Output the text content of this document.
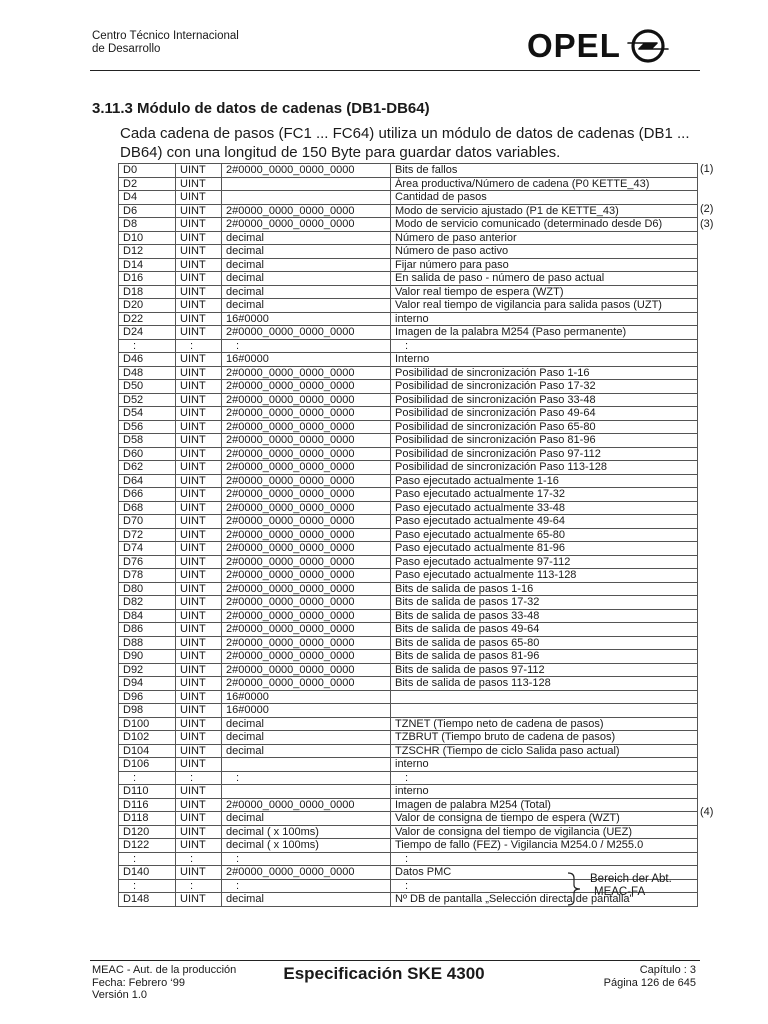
Centro Técnico Internacional
de Desarrollo	OPEL
3.11.3 Módulo de datos de cadenas (DB1-DB64)
Cada cadena de pasos (FC1 ... FC64) utiliza un módulo de datos de cadenas (DB1 ... DB64) con una longitud de 150 Byte para guardar datos variables.
D0	UINT	2#0000_0000_0000_0000	Bits de fallos
D2	UINT		Área productiva/Número de cadena (P0 KETTE_43)
D4	UINT		Cantidad de pasos
D6	UINT	2#0000_0000_0000_0000	Modo de servicio ajustado (P1 de KETTE_43)
D8	UINT	2#0000_0000_0000_0000	Modo de servicio comunicado (determinado desde D6)
D10	UINT	decimal	Número de paso anterior
D12	UINT	decimal	Número de paso activo
D14	UINT	decimal	Fijar número para paso
D16	UINT	decimal	En salida de paso - número de paso actual
D18	UINT	decimal	Valor real tiempo de espera (WZT)
D20	UINT	decimal	Valor real tiempo de vigilancia para salida pasos (UZT)
D22	UINT	16#0000	interno
D24	UINT	2#0000_0000_0000_0000	Imagen de la palabra M254 (Paso permanente)
:	:	:	:
D46	UINT	16#0000	Interno
D48	UINT	2#0000_0000_0000_0000	Posibilidad de sincronización Paso 1-16
D50	UINT	2#0000_0000_0000_0000	Posibilidad de sincronización Paso 17-32
D52	UINT	2#0000_0000_0000_0000	Posibilidad de sincronización Paso 33-48
D54	UINT	2#0000_0000_0000_0000	Posibilidad de sincronización Paso 49-64
D56	UINT	2#0000_0000_0000_0000	Posibilidad de sincronización Paso 65-80
D58	UINT	2#0000_0000_0000_0000	Posibilidad de sincronización Paso 81-96
D60	UINT	2#0000_0000_0000_0000	Posibilidad de sincronización Paso 97-112
D62	UINT	2#0000_0000_0000_0000	Posibilidad de sincronización Paso 113-128
D64	UINT	2#0000_0000_0000_0000	Paso ejecutado actualmente 1-16
D66	UINT	2#0000_0000_0000_0000	Paso ejecutado actualmente 17-32
D68	UINT	2#0000_0000_0000_0000	Paso ejecutado actualmente 33-48
D70	UINT	2#0000_0000_0000_0000	Paso ejecutado actualmente 49-64
D72	UINT	2#0000_0000_0000_0000	Paso ejecutado actualmente 65-80
D74	UINT	2#0000_0000_0000_0000	Paso ejecutado actualmente 81-96
D76	UINT	2#0000_0000_0000_0000	Paso ejecutado actualmente 97-112
D78	UINT	2#0000_0000_0000_0000	Paso ejecutado actualmente 113-128
D80	UINT	2#0000_0000_0000_0000	Bits de salida de pasos 1-16
D82	UINT	2#0000_0000_0000_0000	Bits de salida de pasos 17-32
D84	UINT	2#0000_0000_0000_0000	Bits de salida de pasos 33-48
D86	UINT	2#0000_0000_0000_0000	Bits de salida de pasos 49-64
D88	UINT	2#0000_0000_0000_0000	Bits de salida de pasos 65-80
D90	UINT	2#0000_0000_0000_0000	Bits de salida de pasos 81-96
D92	UINT	2#0000_0000_0000_0000	Bits de salida de pasos 97-112
D94	UINT	2#0000_0000_0000_0000	Bits de salida de pasos 113-128
D96	UINT	16#0000	
D98	UINT	16#0000	
D100	UINT	decimal	TZNET (Tiempo neto de cadena de pasos)
D102	UINT	decimal	TZBRUT (Tiempo bruto de cadena de pasos)
D104	UINT	decimal	TZSCHR (Tiempo de ciclo Salida paso actual)
D106	UINT		interno
:	:	:	:
D110	UINT		interno
D116	UINT	2#0000_0000_0000_0000	Imagen de palabra M254 (Total)
D118	UINT	decimal	Valor de consigna de tiempo de espera (WZT)
D120	UINT	decimal ( x 100ms)	Valor de consigna del tiempo de vigilancia (UEZ)
D122	UINT	decimal ( x 100ms)	Tiempo de fallo (FEZ) - Vigilancia M254.0 / M255.0
:	:	:	:
D140	UINT	2#0000_0000_0000_0000	Datos PMC
:	:	:	:
D148	UINT	decimal	Nº DB de pantalla „Selección directa de pantalla"
(1)
(2)
(3)
(4)
Bereich der Abt.
MEAC-FA
MEAC - Aut. de la producción
Fecha: Febrero ‘99
Versión 1.0
Especificación SKE 4300	Capítulo : 3
Página 126 de 645
